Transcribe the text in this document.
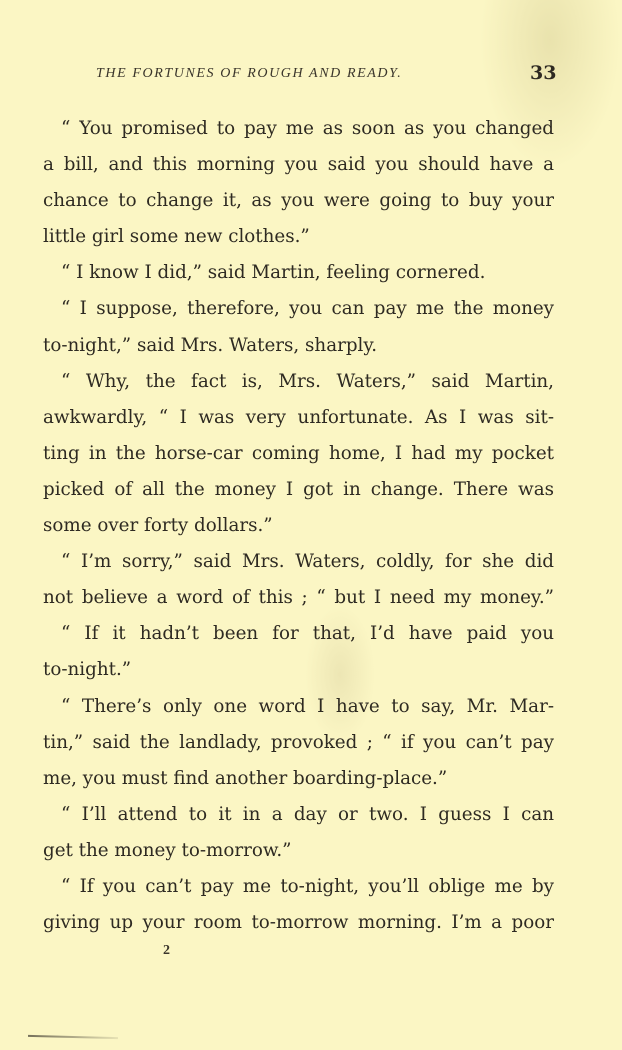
THE FORTUNES OF ROUGH AND READY.	33
“ You promised to pay me as soon as you changed
a bill, and this morning you said you should have a
chance to change it, as you were going to buy your
little girl some new clothes.”
“ I know I did,” said Martin, feeling cornered.
“ I suppose, therefore, you can pay me the money
to-night,” said Mrs. Waters, sharply.
“ Why, the fact is, Mrs. Waters,” said Martin,
awkwardly, “ I was very unfortunate. As I was sit-
ting in the horse-car coming home, I had my pocket
picked of all the money I got in change. There was
some over forty dollars.”
“ I’m sorry,” said Mrs. Waters, coldly, for she did
not believe a word of this ; “ but I need my money.”
“ If it hadn’t been for that, I’d have paid you
to-night.”
“ There’s only one word I have to say, Mr. Mar-
tin,” said the landlady, provoked ; “ if you can’t pay
me, you must find another boarding-place.”
“ I’ll attend to it in a day or two. I guess I can
get the money to-morrow.”
“ If you can’t pay me to-night, you’ll oblige me by
giving up your room to-morrow morning. I’m a poor
2
